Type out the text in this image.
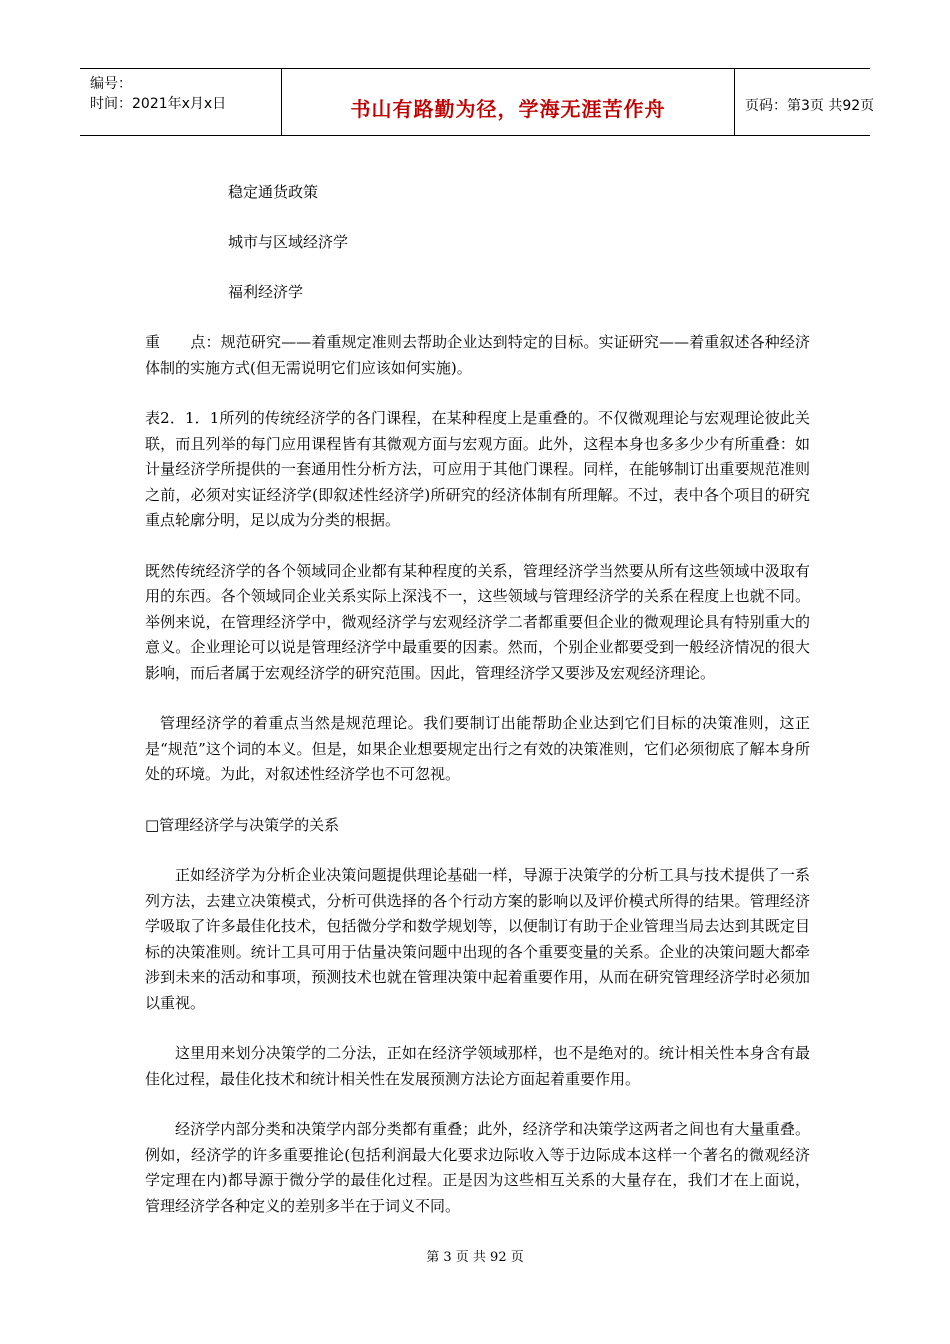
编号：
时间：2021年x月x日	书山有路勤为径，学海无涯苦作舟	页码：第3页 共92页
稳定通货政策
城市与区域经济学
福利经济学

重　　点：规范研究——着重规定准则去帮助企业达到特定的目标。实证研究——着重叙述各种经济体制的实施方式(但无需说明它们应该如何实施)。

表2．1．1所列的传统经济学的各门课程，在某种程度上是重叠的。不仅微观理论与宏观理论彼此关联，而且列举的每门应用课程皆有其微观方面与宏观方面。此外，这程本身也多多少少有所重叠：如计量经济学所提供的一套通用性分析方法，可应用于其他门课程。同样，在能够制订出重要规范准则之前，必须对实证经济学(即叙述性经济学)所研究的经济体制有所理解。不过，表中各个项目的研究重点轮廓分明，足以成为分类的根据。

既然传统经济学的各个领域同企业都有某种程度的关系，管理经济学当然要从所有这些领域中汲取有用的东西。各个领域同企业关系实际上深浅不一，这些领域与管理经济学的关系在程度上也就不同。举例来说，在管理经济学中，微观经济学与宏观经济学二者都重要但企业的微观理论具有特别重大的意义。企业理论可以说是管理经济学中最重要的因素。然而，个别企业都要受到一般经济情况的很大影响，而后者属于宏观经济学的研究范围。因此，管理经济学又要涉及宏观经济理论。

管理经济学的着重点当然是规范理论。我们要制订出能帮助企业达到它们目标的决策准则，这正是“规范”这个词的本义。但是，如果企业想要规定出行之有效的决策准则，它们必须彻底了解本身所处的环境。为此，对叙述性经济学也不可忽视。

□管理经济学与决策学的关系

正如经济学为分析企业决策问题提供理论基础一样，导源于决策学的分析工具与技术提供了一系列方法，去建立决策模式，分析可供选择的各个行动方案的影响以及评价模式所得的结果。管理经济学吸取了许多最佳化技术，包括微分学和数学规划等，以便制订有助于企业管理当局去达到其既定目标的决策准则。统计工具可用于估量决策问题中出现的各个重要变量的关系。企业的决策问题大都牵涉到未来的活动和事项，预测技术也就在管理决策中起着重要作用，从而在研究管理经济学时必须加以重视。

这里用来划分决策学的二分法，正如在经济学领域那样，也不是绝对的。统计相关性本身含有最佳化过程，最佳化技术和统计相关性在发展预测方法论方面起着重要作用。

经济学内部分类和决策学内部分类都有重叠；此外，经济学和决策学这两者之间也有大量重叠。例如，经济学的许多重要推论(包括利润最大化要求边际收入等于边际成本这样一个著名的微观经济学定理在内)都导源于微分学的最佳化过程。正是因为这些相互关系的大量存在，我们才在上面说，管理经济学各种定义的差别多半在于词义不同。

第 3 页 共 92 页
